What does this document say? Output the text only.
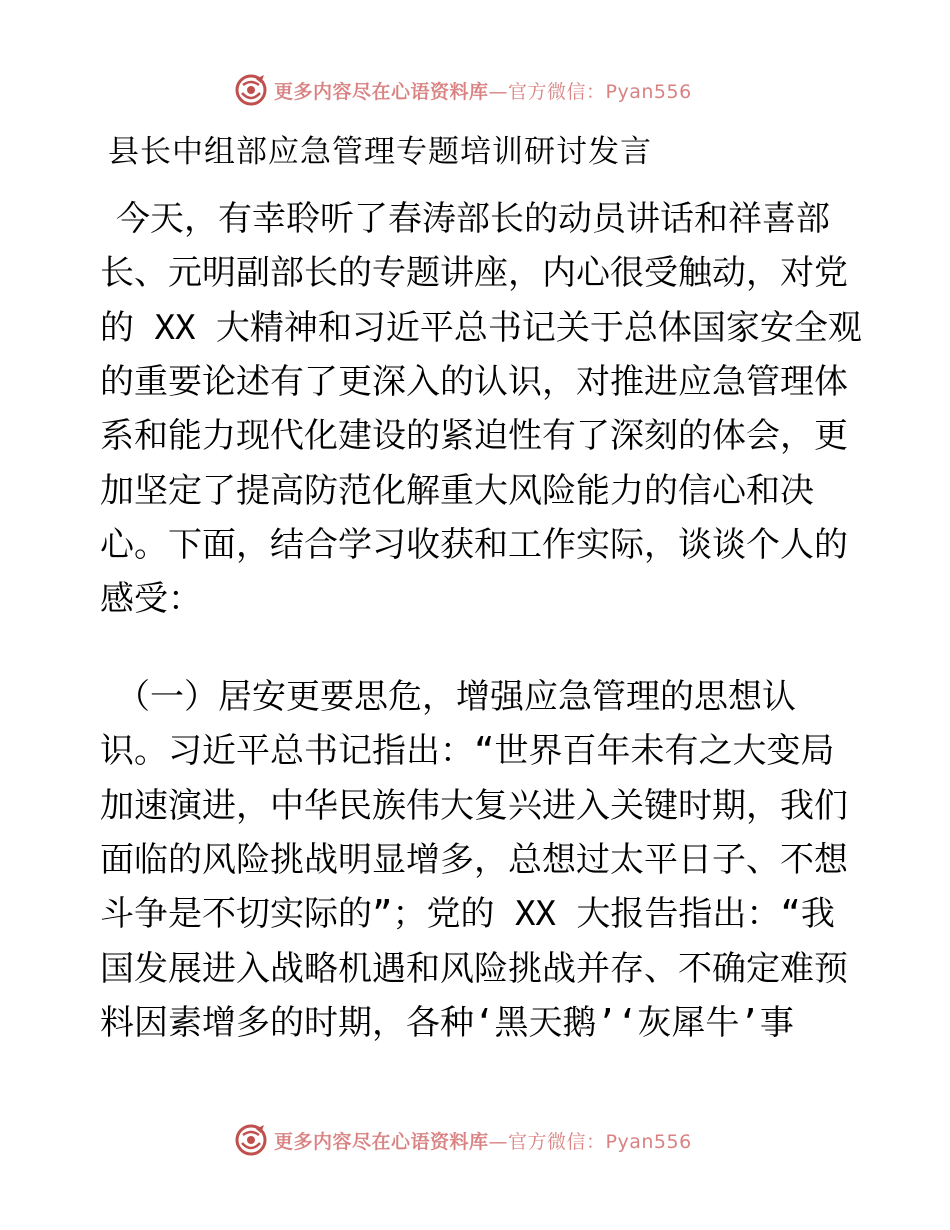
更多内容尽在心语资料库—官方微信：Pyan556
县长中组部应急管理专题培训研讨发言
今天，有幸聆听了春涛部长的动员讲话和祥喜部
长、元明副部长的专题讲座，内心很受触动，对党
的 XX 大精神和习近平总书记关于总体国家安全观
的重要论述有了更深入的认识，对推进应急管理体
系和能力现代化建设的紧迫性有了深刻的体会，更
加坚定了提高防范化解重大风险能力的信心和决
心。下面，结合学习收获和工作实际，谈谈个人的
感受：
（一）居安更要思危，增强应急管理的思想认
识。习近平总书记指出：“世界百年未有之大变局
加速演进，中华民族伟大复兴进入关键时期，我们
面临的风险挑战明显增多，总想过太平日子、不想
斗争是不切实际的”；党的 XX 大报告指出：“我
国发展进入战略机遇和风险挑战并存、不确定难预
料因素增多的时期，各种‘黑天鹅’‘灰犀牛’事
更多内容尽在心语资料库—官方微信：Pyan556
